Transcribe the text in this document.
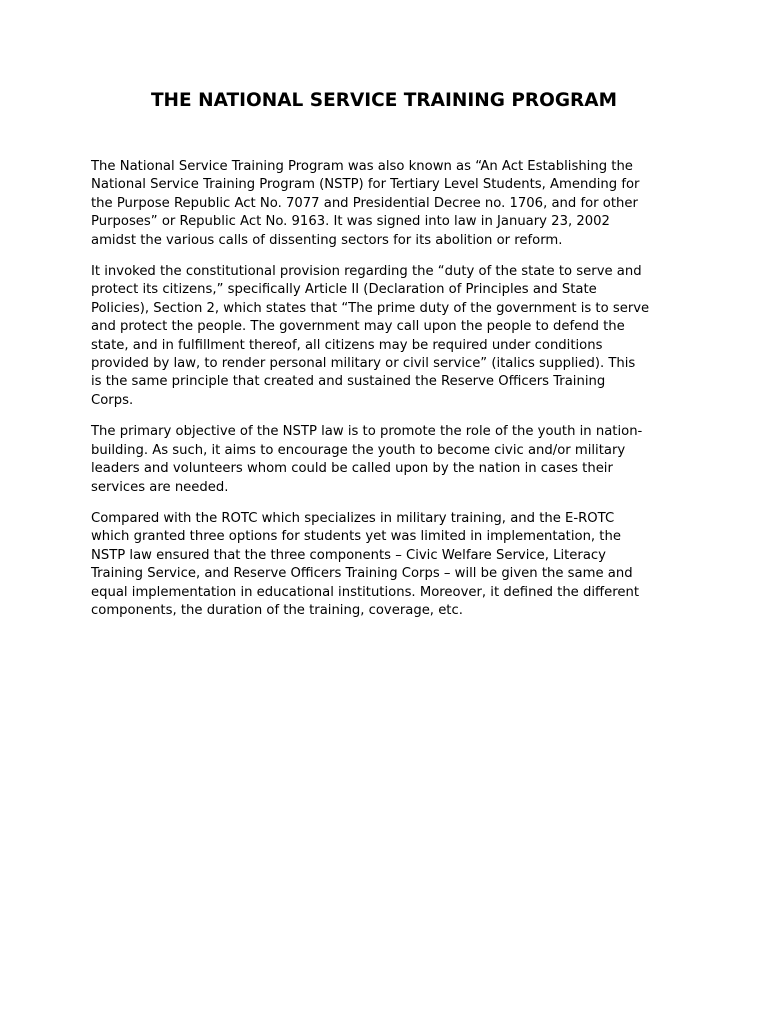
THE NATIONAL SERVICE TRAINING PROGRAM

The National Service Training Program was also known as “An Act Establishing the
National Service Training Program (NSTP) for Tertiary Level Students, Amending for
the Purpose Republic Act No. 7077 and Presidential Decree no. 1706, and for other
Purposes” or Republic Act No. 9163. It was signed into law in January 23, 2002
amidst the various calls of dissenting sectors for its abolition or reform.

It invoked the constitutional provision regarding the “duty of the state to serve and
protect its citizens,” specifically Article II (Declaration of Principles and State
Policies), Section 2, which states that “The prime duty of the government is to serve
and protect the people. The government may call upon the people to defend the
state, and in fulfillment thereof, all citizens may be required under conditions
provided by law, to render personal military or civil service” (italics supplied). This
is the same principle that created and sustained the Reserve Officers Training
Corps.

The primary objective of the NSTP law is to promote the role of the youth in nation-
building. As such, it aims to encourage the youth to become civic and/or military
leaders and volunteers whom could be called upon by the nation in cases their
services are needed.

Compared with the ROTC which specializes in military training, and the E-ROTC
which granted three options for students yet was limited in implementation, the
NSTP law ensured that the three components – Civic Welfare Service, Literacy
Training Service, and Reserve Officers Training Corps – will be given the same and
equal implementation in educational institutions. Moreover, it defined the different
components, the duration of the training, coverage, etc.
